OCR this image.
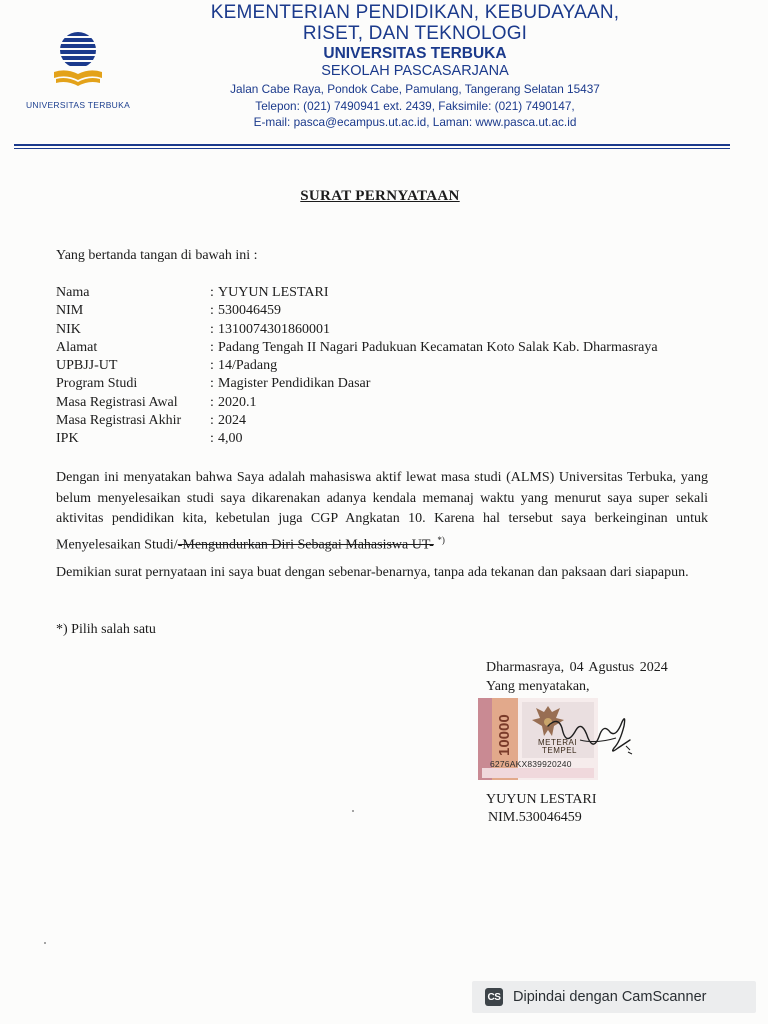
UNIVERSITAS TERBUKA
KEMENTERIAN PENDIDIKAN, KEBUDAYAAN,
RISET, DAN TEKNOLOGI
UNIVERSITAS TERBUKA
SEKOLAH PASCASARJANA
Jalan Cabe Raya, Pondok Cabe, Pamulang, Tangerang Selatan 15437
Telepon: (021) 7490941 ext. 2439, Faksimile: (021) 7490147,
E-mail: pasca@ecampus.ut.ac.id, Laman: www.pasca.ut.ac.id
SURAT PERNYATAAN
Yang bertanda tangan di bawah ini :
Nama	: YUYUN LESTARI
NIM	: 530046459
NIK	: 1310074301860001
Alamat	: Padang Tengah II Nagari Padukuan Kecamatan Koto Salak Kab. Dharmasraya
UPBJJ-UT	: 14/Padang
Program Studi	: Magister Pendidikan Dasar
Masa Registrasi Awal	: 2020.1
Masa Registrasi Akhir	: 2024
IPK	: 4,00
Dengan ini menyatakan bahwa Saya adalah mahasiswa aktif lewat masa studi (ALMS) Universitas Terbuka, yang belum menyelesaikan studi saya dikarenakan adanya kendala memanaj waktu yang menurut saya super sekali aktivitas pendidikan kita, kebetulan juga CGP Angkatan 10. Karena hal tersebut saya berkeinginan untuk Menyelesaikan Studi/-Mengundurkan Diri Sebagai Mahasiswa UT- *)
Demikian surat pernyataan ini saya buat dengan sebenar-benarnya, tanpa ada tekanan dan paksaan dari siapapun.
*) Pilih salah satu
Dharmasraya, 04 Agustus 2024
Yang menyatakan,
10000	METERAI
TEMPEL
6276AKX839920240
YUYUN LESTARI
NIM.530046459
CS Dipindai dengan CamScanner
